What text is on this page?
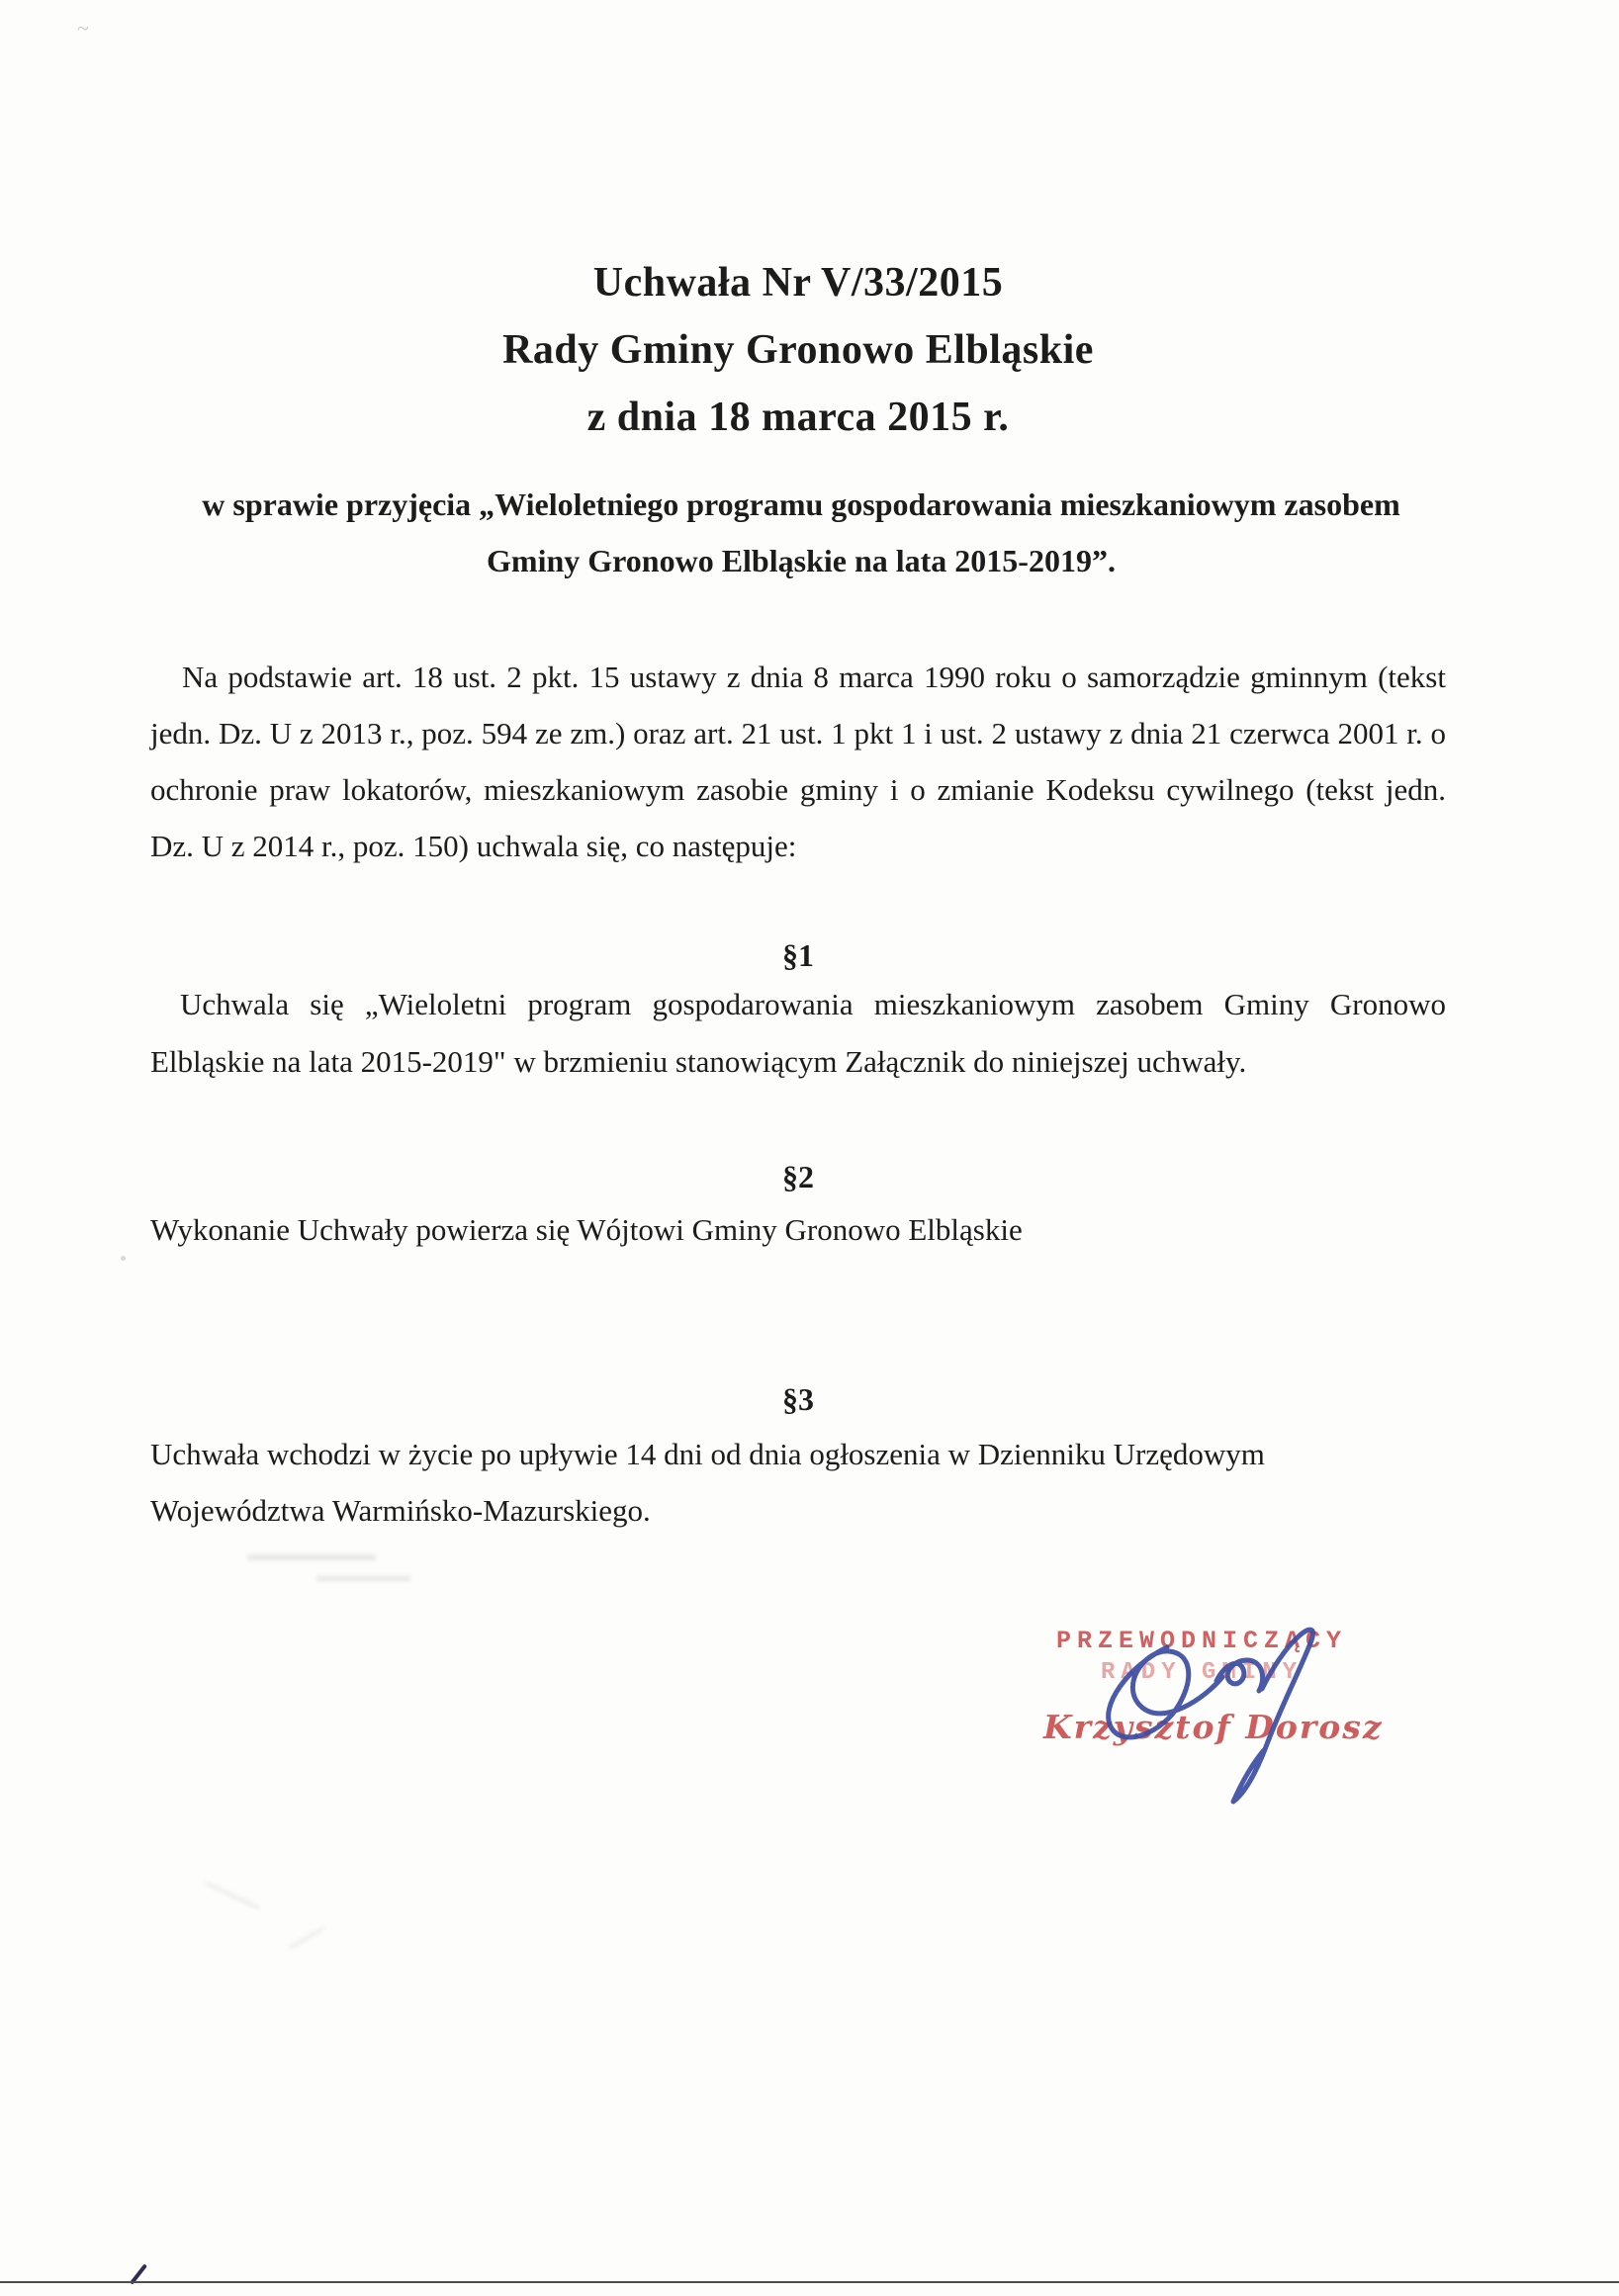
Uchwała Nr V/33/2015
Rady Gminy Gronowo Elbląskie
z dnia 18 marca 2015 r.
w sprawie przyjęcia „Wieloletniego programu gospodarowania mieszkaniowym zasobem
Gminy Gronowo Elbląskie na lata 2015-2019”.
Na podstawie art. 18 ust. 2 pkt. 15 ustawy z dnia 8 marca 1990 roku o samorządzie gminnym (tekst jedn. Dz. U z 2013 r., poz. 594 ze zm.) oraz art. 21 ust. 1 pkt 1 i ust. 2 ustawy z dnia 21 czerwca 2001 r. o ochronie praw lokatorów, mieszkaniowym zasobie gminy i o zmianie Kodeksu cywilnego (tekst jedn. Dz. U z 2014 r., poz. 150) uchwala się, co następuje:
§1
Uchwala się „Wieloletni program gospodarowania mieszkaniowym zasobem Gminy Gronowo Elbląskie na lata 2015-2019" w brzmieniu stanowiącym Załącznik do niniejszej uchwały.
§2
Wykonanie Uchwały powierza się Wójtowi Gminy Gronowo Elbląskie
§3
Uchwała wchodzi w życie po upływie 14 dni od dnia ogłoszenia w Dzienniku Urzędowym Województwa Warmińsko-Mazurskiego.
PRZEWODNICZĄCY
RADY GMINY
Krzysztof Dorosz
~
